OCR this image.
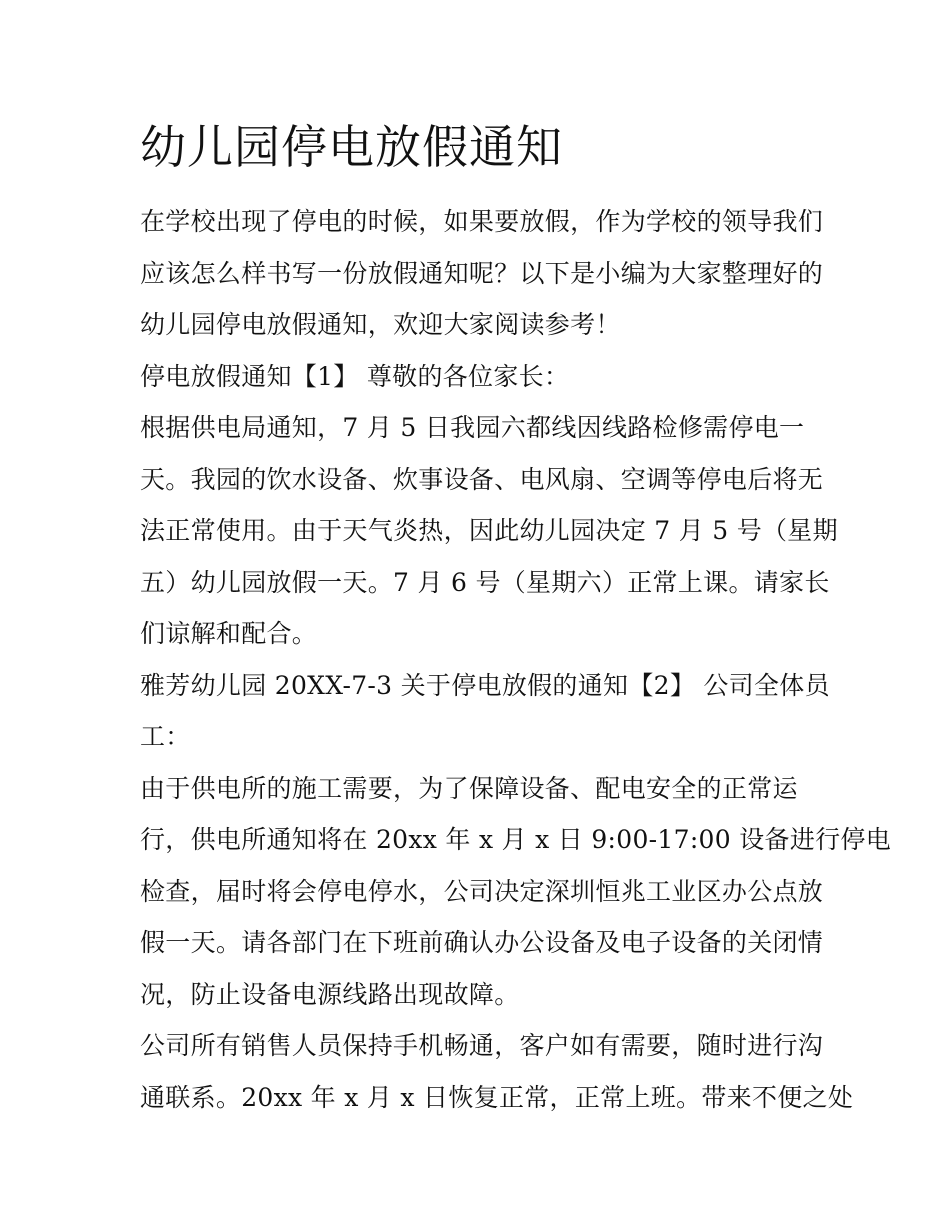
幼儿园停电放假通知
在学校出现了停电的时候，如果要放假，作为学校的领导我们
应该怎么样书写一份放假通知呢？以下是小编为大家整理好的
幼儿园停电放假通知，欢迎大家阅读参考！
停电放假通知【1】 尊敬的各位家长：
根据供电局通知，7 月 5 日我园六都线因线路检修需停电一
天。我园的饮水设备、炊事设备、电风扇、空调等停电后将无
法正常使用。由于天气炎热，因此幼儿园决定 7 月 5 号（星期
五）幼儿园放假一天。7 月 6 号（星期六）正常上课。请家长
们谅解和配合。
雅芳幼儿园 20XX-7-3 关于停电放假的通知【2】 公司全体员
工：
由于供电所的施工需要，为了保障设备、配电安全的正常运
行，供电所通知将在 20xx 年 x 月 x 日 9:00-17:00 设备进行停电
检查，届时将会停电停水，公司决定深圳恒兆工业区办公点放
假一天。请各部门在下班前确认办公设备及电子设备的关闭情
况，防止设备电源线路出现故障。
公司所有销售人员保持手机畅通，客户如有需要，随时进行沟
通联系。20xx 年 x 月 x 日恢复正常，正常上班。带来不便之处
